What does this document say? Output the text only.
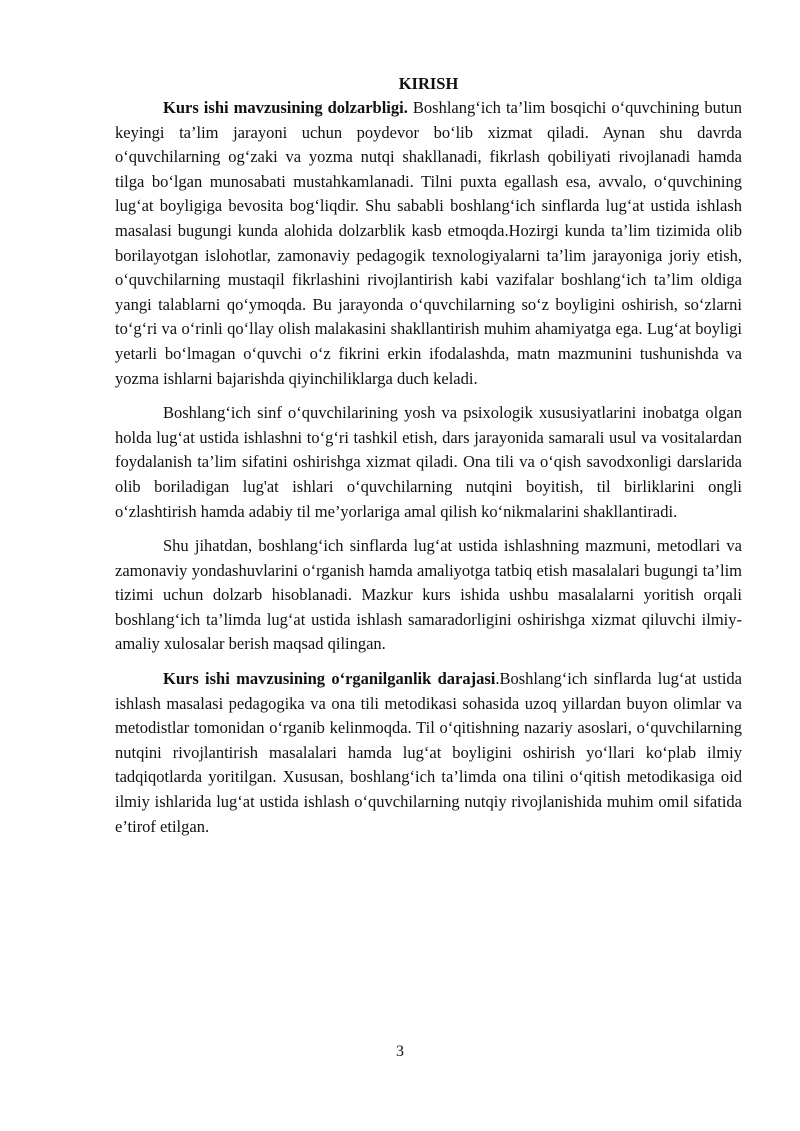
KIRISH

Kurs ishi mavzusining dolzarbligi. Boshlang‘ich ta’lim bosqichi o‘quvchining butun keyingi ta’lim jarayoni uchun poydevor bo‘lib xizmat qiladi. Aynan shu davrda o‘quvchilarning og‘zaki va yozma nutqi shakllanadi, fikrlash qobiliyati rivojlanadi hamda tilga bo‘lgan munosabati mustahkamlanadi. Tilni puxta egallash esa, avvalo, o‘quvchining lug‘at boyligiga bevosita bog‘liqdir. Shu sababli boshlang‘ich sinflarda lug‘at ustida ishlash masalasi bugungi kunda alohida dolzarblik kasb etmoqda.Hozirgi kunda ta’lim tizimida olib borilayotgan islohotlar, zamonaviy pedagogik texnologiyalarni ta’lim jarayoniga joriy etish, o‘quvchilarning mustaqil fikrlashini rivojlantirish kabi vazifalar boshlang‘ich ta’lim oldiga yangi talablarni qo‘ymoqda. Bu jarayonda o‘quvchilarning so‘z boyligini oshirish, so‘zlarni to‘g‘ri va o‘rinli qo‘llay olish malakasini shakllantirish muhim ahamiyatga ega. Lug‘at boyligi yetarli bo‘lmagan o‘quvchi o‘z fikrini erkin ifodalashda, matn mazmunini tushunishda va yozma ishlarni bajarishda qiyinchiliklarga duch keladi.

Boshlang‘ich sinf o‘quvchilarining yosh va psixologik xususiyatlarini inobatga olgan holda lug‘at ustida ishlashni to‘g‘ri tashkil etish, dars jarayonida samarali usul va vositalardan foydalanish ta’lim sifatini oshirishga xizmat qiladi. Ona tili va o‘qish savodxonligi darslarida olib boriladigan lug'at ishlari o‘quvchilarning nutqini boyitish, til birliklarini ongli o‘zlashtirish hamda adabiy til me’yorlariga amal qilish ko‘nikmalarini shakllantiradi.

Shu jihatdan, boshlang‘ich sinflarda lug‘at ustida ishlashning mazmuni, metodlari va zamonaviy yondashuvlarini o‘rganish hamda amaliyotga tatbiq etish masalalari bugungi ta’lim tizimi uchun dolzarb hisoblanadi. Mazkur kurs ishida ushbu masalalarni yoritish orqali boshlang‘ich ta’limda lug‘at ustida ishlash samaradorligini oshirishga xizmat qiluvchi ilmiy-amaliy xulosalar berish maqsad qilingan.

Kurs ishi mavzusining o‘rganilganlik darajasi.Boshlang‘ich sinflarda lug‘at ustida ishlash masalasi pedagogika va ona tili metodikasi sohasida uzoq yillardan buyon olimlar va metodistlar tomonidan o‘rganib kelinmoqda. Til o‘qitishning nazariy asoslari, o‘quvchilarning nutqini rivojlantirish masalalari hamda lug‘at boyligini oshirish yo‘llari ko‘plab ilmiy tadqiqotlarda yoritilgan. Xususan, boshlang‘ich ta’limda ona tilini o‘qitish metodikasiga oid ilmiy ishlarida lug‘at ustida ishlash o‘quvchilarning nutqiy rivojlanishida muhim omil sifatida e’tirof etilgan.

3
